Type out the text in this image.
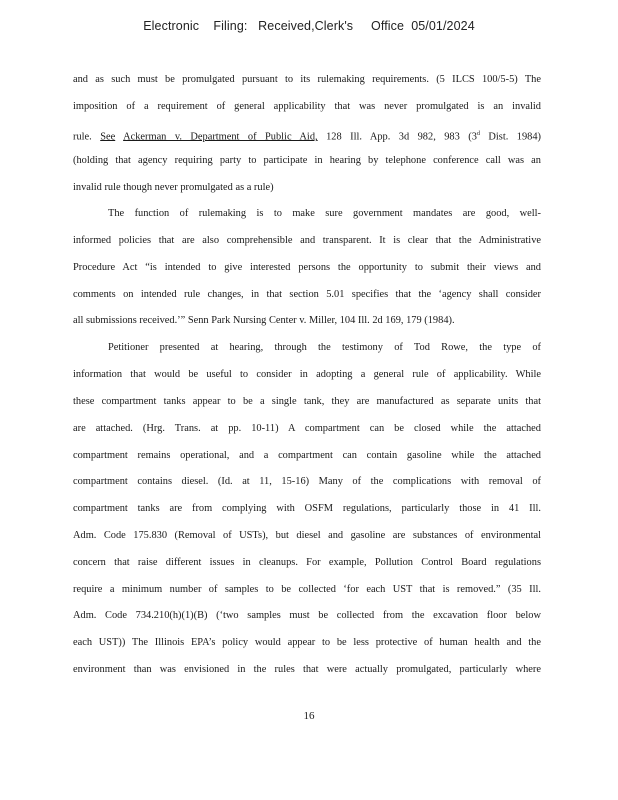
Electronic    Filing:   Received,Clerk's     Office  05/01/2024
and as such must be promulgated pursuant to its rulemaking requirements. (5 ILCS 100/5-5) The
imposition of a requirement of general applicability that was never promulgated is an invalid
rule. See Ackerman v. Department of Public Aid, 128 Ill. App. 3d 982, 983 (3$^d$ Dist. 1984)
(holding that agency requiring party to participate in hearing by telephone conference call was an
invalid rule though never promulgated as a rule)
The function of rulemaking is to make sure government mandates are good, well-
informed policies that are also comprehensible and transparent. It is clear that the Administrative
Procedure Act “is intended to give interested persons the opportunity to submit their views and
comments on intended rule changes, in that section 5.01 specifies that the ‘agency shall consider
all submissions received.’” Senn Park Nursing Center v. Miller, 104 Ill. 2d 169, 179 (1984).
Petitioner presented at hearing, through the testimony of Tod Rowe, the type of
information that would be useful to consider in adopting a general rule of applicability. While
these compartment tanks appear to be a single tank, they are manufactured as separate units that
are attached. (Hrg. Trans. at pp. 10-11) A compartment can be closed while the attached
compartment remains operational, and a compartment can contain gasoline while the attached
compartment contains diesel. (Id. at 11, 15-16) Many of the complications with removal of
compartment tanks are from complying with OSFM regulations, particularly those in 41 Ill.
Adm. Code 175.830 (Removal of USTs), but diesel and gasoline are substances of environmental
concern that raise different issues in cleanups. For example, Pollution Control Board regulations
require a minimum number of samples to be collected ‘for each UST that is removed.” (35 Ill.
Adm. Code 734.210(h)(1)(B) (‘two samples must be collected from the excavation floor below
each UST)) The Illinois EPA’s policy would appear to be less protective of human health and the
environment than was envisioned in the rules that were actually promulgated, particularly where
16
